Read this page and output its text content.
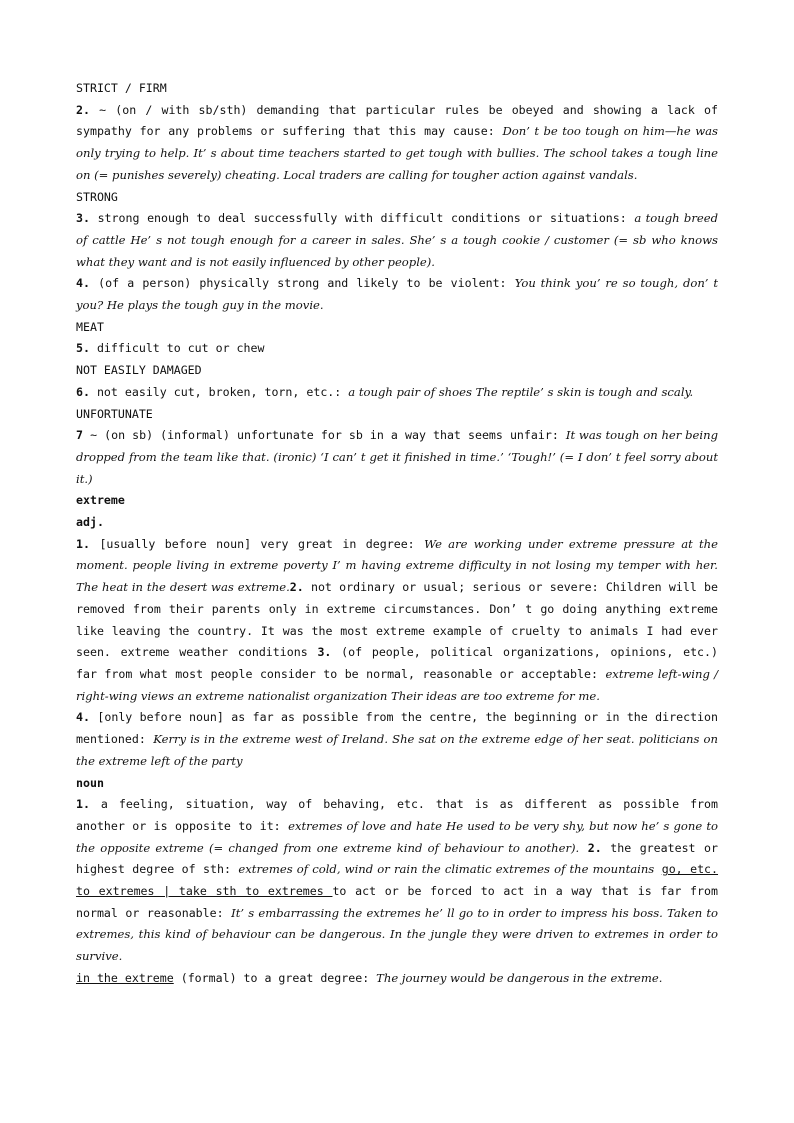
STRICT / FIRM

2. ~ (on / with sb/sth) demanding that particular rules be obeyed and showing a lack of sympathy for any problems or suffering that this may cause: Don’ t be too tough on him—he was only trying to help. It’ s about time teachers started to get tough with bullies. The school takes a tough line on (= punishes severely) cheating. Local traders are calling for tougher action against vandals.

STRONG

3. strong enough to deal successfully with difficult conditions or situations: a tough breed of cattle He’ s not tough enough for a career in sales. She’ s a tough cookie / customer (= sb who knows what they want and is not easily influenced by other people).

4. (of a person) physically strong and likely to be violent: You think you’ re so tough, don’ t you? He plays the tough guy in the movie.

MEAT

5. difficult to cut or chew

NOT EASILY DAMAGED

6. not easily cut, broken, torn, etc.: a tough pair of shoes The reptile’ s skin is tough and scaly.

UNFORTUNATE

7 ~ (on sb) (informal) unfortunate for sb in a way that seems unfair: It was tough on her being dropped from the team like that. (ironic) ‘I can’ t get it finished in time.’ ‘Tough!’ (= I don’ t feel sorry about it.)

extreme

adj.

1. [usually before noun] very great in degree: We are working under extreme pressure at the moment. people living in extreme poverty I’ m having extreme difficulty in not losing my temper with her. The heat in the desert was extreme.2. not ordinary or usual; serious or severe: Children will be removed from their parents only in extreme circumstances. Don’ t go doing anything extreme like leaving the country. It was the most extreme example of cruelty to animals I had ever seen. extreme weather conditions 3. (of people, political organizations, opinions, etc.) far from what most people consider to be normal, reasonable or acceptable: extreme left-wing / right-wing views an extreme nationalist organization Their ideas are too extreme for me.

4. [only before noun] as far as possible from the centre, the beginning or in the direction mentioned: Kerry is in the extreme west of Ireland. She sat on the extreme edge of her seat. politicians on the extreme left of the party

noun

1. a feeling, situation, way of behaving, etc. that is as different as possible from another or is opposite to it: extremes of love and hate He used to be very shy, but now he’ s gone to the opposite extreme (= changed from one extreme kind of behaviour to another). 2. the greatest or highest degree of sth: extremes of cold, wind or rain the climatic extremes of the mountains go, etc. to extremes | take sth to extremes to act or be forced to act in a way that is far from normal or reasonable: It’ s embarrassing the extremes he’ ll go to in order to impress his boss. Taken to extremes, this kind of behaviour can be dangerous. In the jungle they were driven to extremes in order to survive.

in the extreme (formal) to a great degree: The journey would be dangerous in the extreme.
